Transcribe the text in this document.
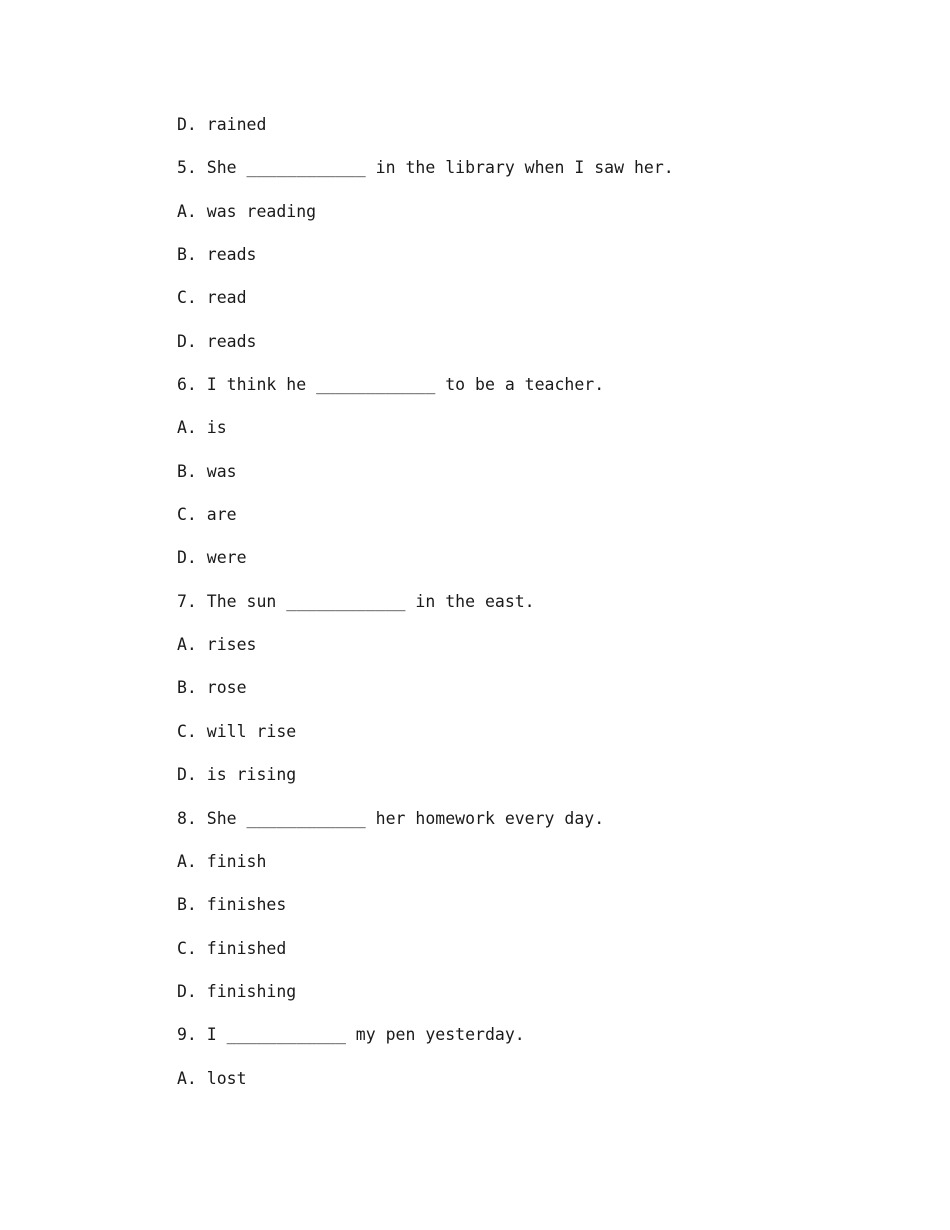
D. rained
5. She ____________ in the library when I saw her.
A. was reading
B. reads
C. read
D. reads
6. I think he ____________ to be a teacher.
A. is
B. was
C. are
D. were
7. The sun ____________ in the east.
A. rises
B. rose
C. will rise
D. is rising
8. She ____________ her homework every day.
A. finish
B. finishes
C. finished
D. finishing
9. I ____________ my pen yesterday.
A. lost
